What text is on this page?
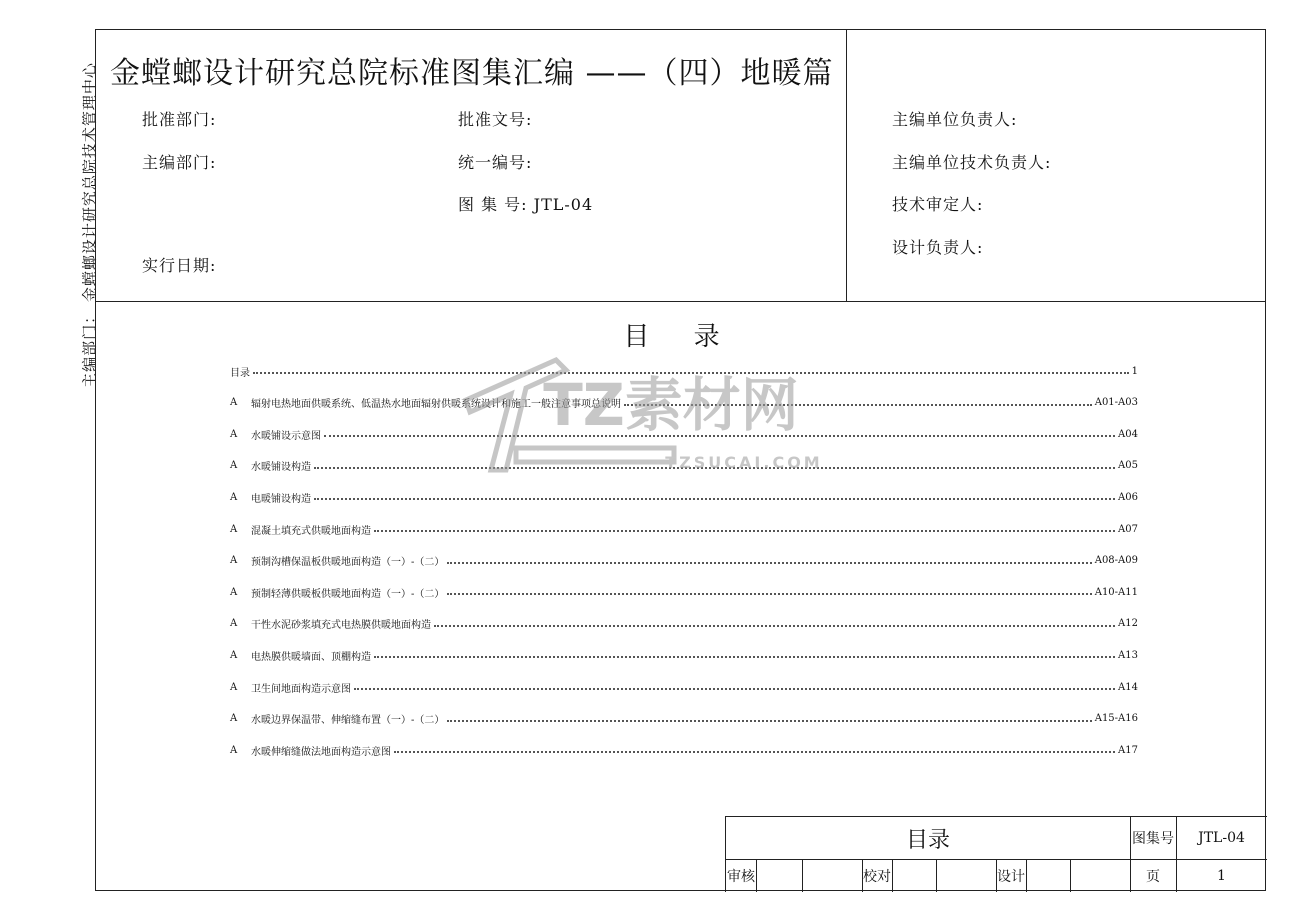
主编部门： 金螳螂设计研究总院技术管理中心 金螳螂设计研究总院标准图集汇编 ——（四）地暖篇
批准部门:
主编部门:
实行日期:
批准文号:
统一编号:
图 集 号: JTL-04
主编单位负责人:
主编单位技术负责人:
技术审定人:
设计负责人:
目 录
目录	1
A	辐射电热地面供暖系统、低温热水地面辐射供暖系统设计和施工一般注意事项总说明	A01-A03
A	水暖铺设示意图	A04
A	水暖铺设构造	A05
A	电暖铺设构造	A06
A	混凝土填充式供暖地面构造	A07
A	预制沟槽保温板供暖地面构造（一）-（二）	A08-A09
A	预制轻薄供暖板供暖地面构造（一）-（二）	A10-A11
A	干性水泥砂浆填充式电热膜供暖地面构造	A12
A	电热膜供暖墙面、顶棚构造	A13
A	卫生间地面构造示意图	A14
A	水暖边界保温带、伸缩缝布置（一）-（二）	A15-A16
A	水暖伸缩缝做法地面构造示意图	A17
TZ素材网
TZSUCAI.COM
目录	图集号	JTL-04
审核	校对	设计	页	1
